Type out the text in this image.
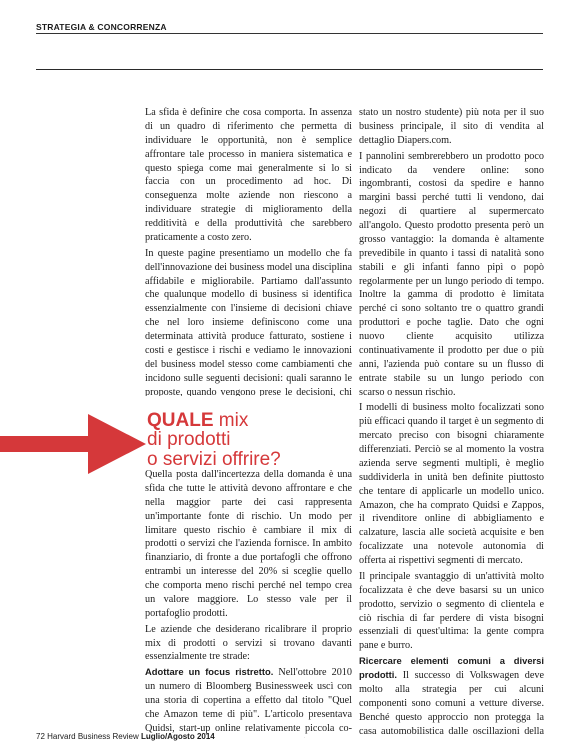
STRATEGIA & CONCORRENZA

La sfida è definire che cosa comporta. In assenza di un quadro di riferimento che permetta di individuare le opportunità, non è semplice affrontare tale processo in maniera sistematica e questo spiega come mai generalmente si lo si faccia con un procedimento ad hoc. Di conseguenza molte aziende non riescono a individuare strategie di miglioramento della redditività e della produttività che sarebbero praticamente a costo zero.

In queste pagine presentiamo un modello che fa dell'innovazione dei business model una disciplina affidabile e migliorabile. Partiamo dall'assunto che qualunque modello di business si identifica essenzialmente con l'insieme di decisioni chiave che nel loro insieme definiscono come una determinata attività produce fatturato, sostiene i costi e gestisce i rischi e vediamo le innovazioni del business model stesso come cambiamenti che incidono sulle seguenti decisioni: quali saranno le proposte, quando vengono prese le decisioni, chi

QUALE mix
di prodotti
o servizi offrire?

Quella posta dall'incertezza della domanda è una sfida che tutte le attività devono affrontare e che nella maggior parte dei casi rappresenta un'importante fonte di rischio. Un modo per limitare questo rischio è cambiare il mix di prodotti o servizi che l'azienda fornisce. In ambito finanziario, di fronte a due portafogli che offrono entrambi un interesse del 20% si sceglie quello che comporta meno rischi perché nel tempo crea un valore maggiore. Lo stesso vale per il portafoglio prodotti.

Le aziende che desiderano ricalibrare il proprio mix di prodotti o servizi si trovano davanti essenzialmente tre strade:

Adottare un focus ristretto. Nell'ottobre 2010 un numero di Bloomberg Businessweek uscì con una storia di copertina a effetto dal titolo "Quel che Amazon teme di più". L'articolo presentava Quidsi, start-up online relativamente piccola co-

stato un nostro studente) più nota per il suo business principale, il sito di vendita al dettaglio Diapers.com.

I pannolini sembrerebbero un prodotto poco indicato da vendere online: sono ingombranti, costosi da spedire e hanno margini bassi perché tutti li vendono, dai negozi di quartiere al supermercato all'angolo. Questo prodotto presenta però un grosso vantaggio: la domanda è altamente prevedibile in quanto i tassi di natalità sono stabili e gli infanti fanno pipì o popò regolarmente per un lungo periodo di tempo. Inoltre la gamma di prodotto è limitata perché ci sono soltanto tre o quattro grandi produttori e poche taglie. Dato che ogni nuovo cliente acquisito utilizza continuativamente il prodotto per due o più anni, l'azienda può contare su un flusso di entrate stabile su un lungo periodo con scarso o nessun rischio.

I modelli di business molto focalizzati sono più efficaci quando il target è un segmento di mercato preciso con bisogni chiaramente differenziati. Perciò se al momento la vostra azienda serve segmenti multipli, è meglio suddividerla in unità ben definite piuttosto che tentare di applicarle un modello unico. Amazon, che ha comprato Quidsi e Zappos, il rivenditore online di abbigliamento e calzature, lascia alle società acquisite e ben focalizzate una notevole autonomia di offerta ai rispettivi segmenti di mercato.

Il principale svantaggio di un'attività molto focalizzata è che deve basarsi su un unico prodotto, servizio o segmento di clientela e ciò rischia di far perdere di vista bisogni essenziali di quest'ultima: la gente compra pane e burro.

Ricercare elementi comuni a diversi prodotti. Il successo di Volkswagen deve molto alla strategia per cui alcuni componenti sono comuni a vetture diverse. Benché questo approccio non protegga la casa automobilistica dalle oscillazioni della

72 Harvard Business Review Luglio/Agosto 2014
